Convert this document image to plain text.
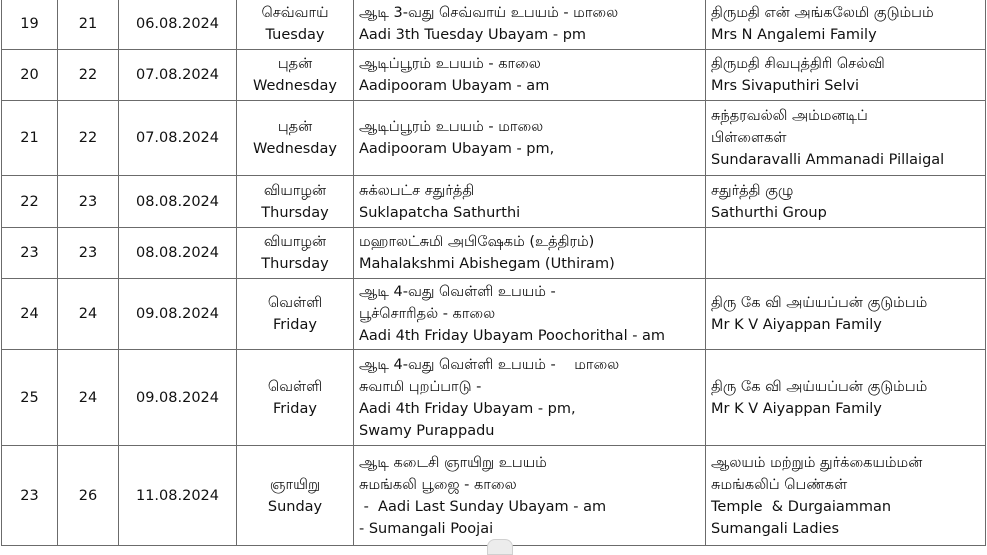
19	21	06.08.2024	செவ்வாய்
Tuesday	ஆடி 3-வது செவ்வாய் உபயம் - மாலை
Aadi 3th Tuesday Ubayam - pm	திருமதி என் அங்கலேமி குடும்பம்
Mrs N Angalemi Family

20	22	07.08.2024	புதன்
Wednesday	ஆடிப்பூரம் உபயம் - காலை
Aadipooram Ubayam - am	திருமதி சிவபுத்திரி செல்வி
Mrs Sivaputhiri Selvi

21	22	07.08.2024	புதன்
Wednesday	ஆடிப்பூரம் உபயம் - மாலை
Aadipooram Ubayam - pm,	சுந்தரவல்லி அம்மனடிப்
பிள்ளைகள்
Sundaravalli Ammanadi Pillaigal

22	23	08.08.2024	வியாழன்
Thursday	சுக்லபட்ச சதுர்த்தி
Suklapatcha Sathurthi	சதுர்த்தி குழு
Sathurthi Group

23	23	08.08.2024	வியாழன்
Thursday	மஹாலட்சுமி அபிஷேகம் (உத்திரம்)
Mahalakshmi Abishegam (Uthiram)	

24	24	09.08.2024	வெள்ளி
Friday	ஆடி 4-வது வெள்ளி உபயம் -
பூச்சொரிதல் - காலை
Aadi 4th Friday Ubayam Poochorithal - am	திரு கே வி அய்யப்பன் குடும்பம்
Mr K V Aiyappan Family

25	24	09.08.2024	வெள்ளி
Friday	ஆடி 4-வது வெள்ளி உபயம் -    மாலை
சுவாமி புறப்பாடு -
Aadi 4th Friday Ubayam - pm,
Swamy Purappadu	திரு கே வி அய்யப்பன் குடும்பம்
Mr K V Aiyappan Family

23	26	11.08.2024	ஞாயிறு
Sunday	ஆடி கடைசி ஞாயிறு உபயம்
சுமங்கலி பூஜை - காலை
-  Aadi Last Sunday Ubayam - am
- Sumangali Poojai	ஆலயம் மற்றும் துர்க்கையம்மன்
சுமங்கலிப் பெண்கள்
Temple  & Durgaiamman
Sumangali Ladies
